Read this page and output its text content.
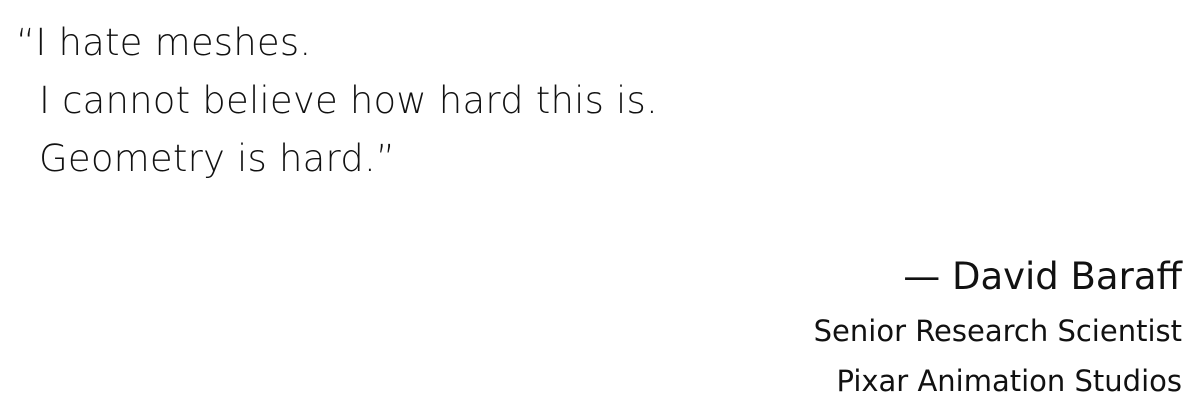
“I hate meshes.
I cannot believe how hard this is.
Geometry is hard.”
— David Baraff
Senior Research Scientist
Pixar Animation Studios
